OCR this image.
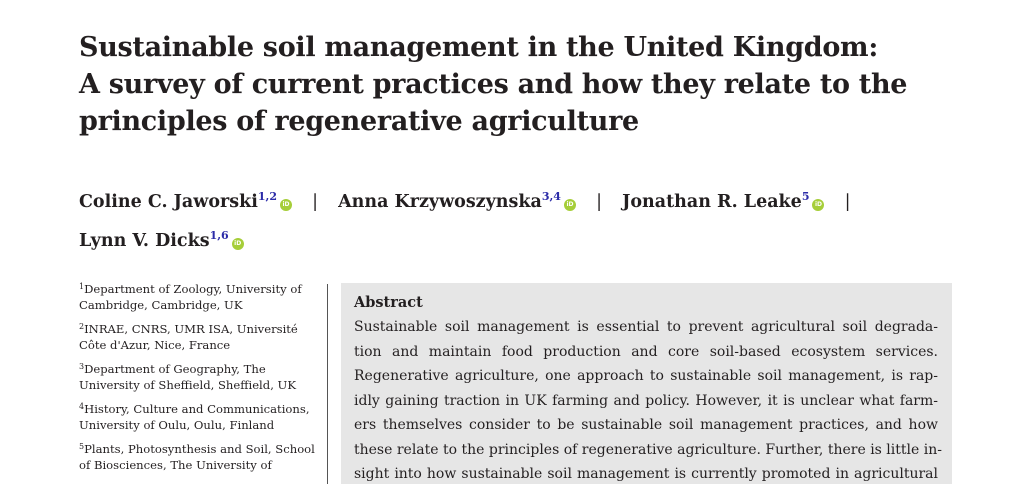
Sustainable soil management in the United Kingdom:
A survey of current practices and how they relate to the
principles of regenerative agriculture
Coline C. Jaworski$^{1,2}$iD | Anna Krzywoszynska$^{3,4}$iD | Jonathan R. Leake$^5$iD |
Lynn V. Dicks$^{1,6}$iD
$^1$Department of Zoology, University of
Cambridge, Cambridge, UK
$^2$INRAE, CNRS, UMR ISA, Université
Côte d'Azur, Nice, France
$^3$Department of Geography, The
University of Sheffield, Sheffield, UK
$^4$History, Culture and Communications,
University of Oulu, Oulu, Finland
$^5$Plants, Photosynthesis and Soil, School
of Biosciences, The University of
Abstract
Sustainable soil management is essential to prevent agricultural soil degrada-
tion and maintain food production and core soil-based ecosystem services.
Regenerative agriculture, one approach to sustainable soil management, is rap-
idly gaining traction in UK farming and policy. However, it is unclear what farm-
ers themselves consider to be sustainable soil management practices, and how
these relate to the principles of regenerative agriculture. Further, there is little in-
sight into how sustainable soil management is currently promoted in agricultural
